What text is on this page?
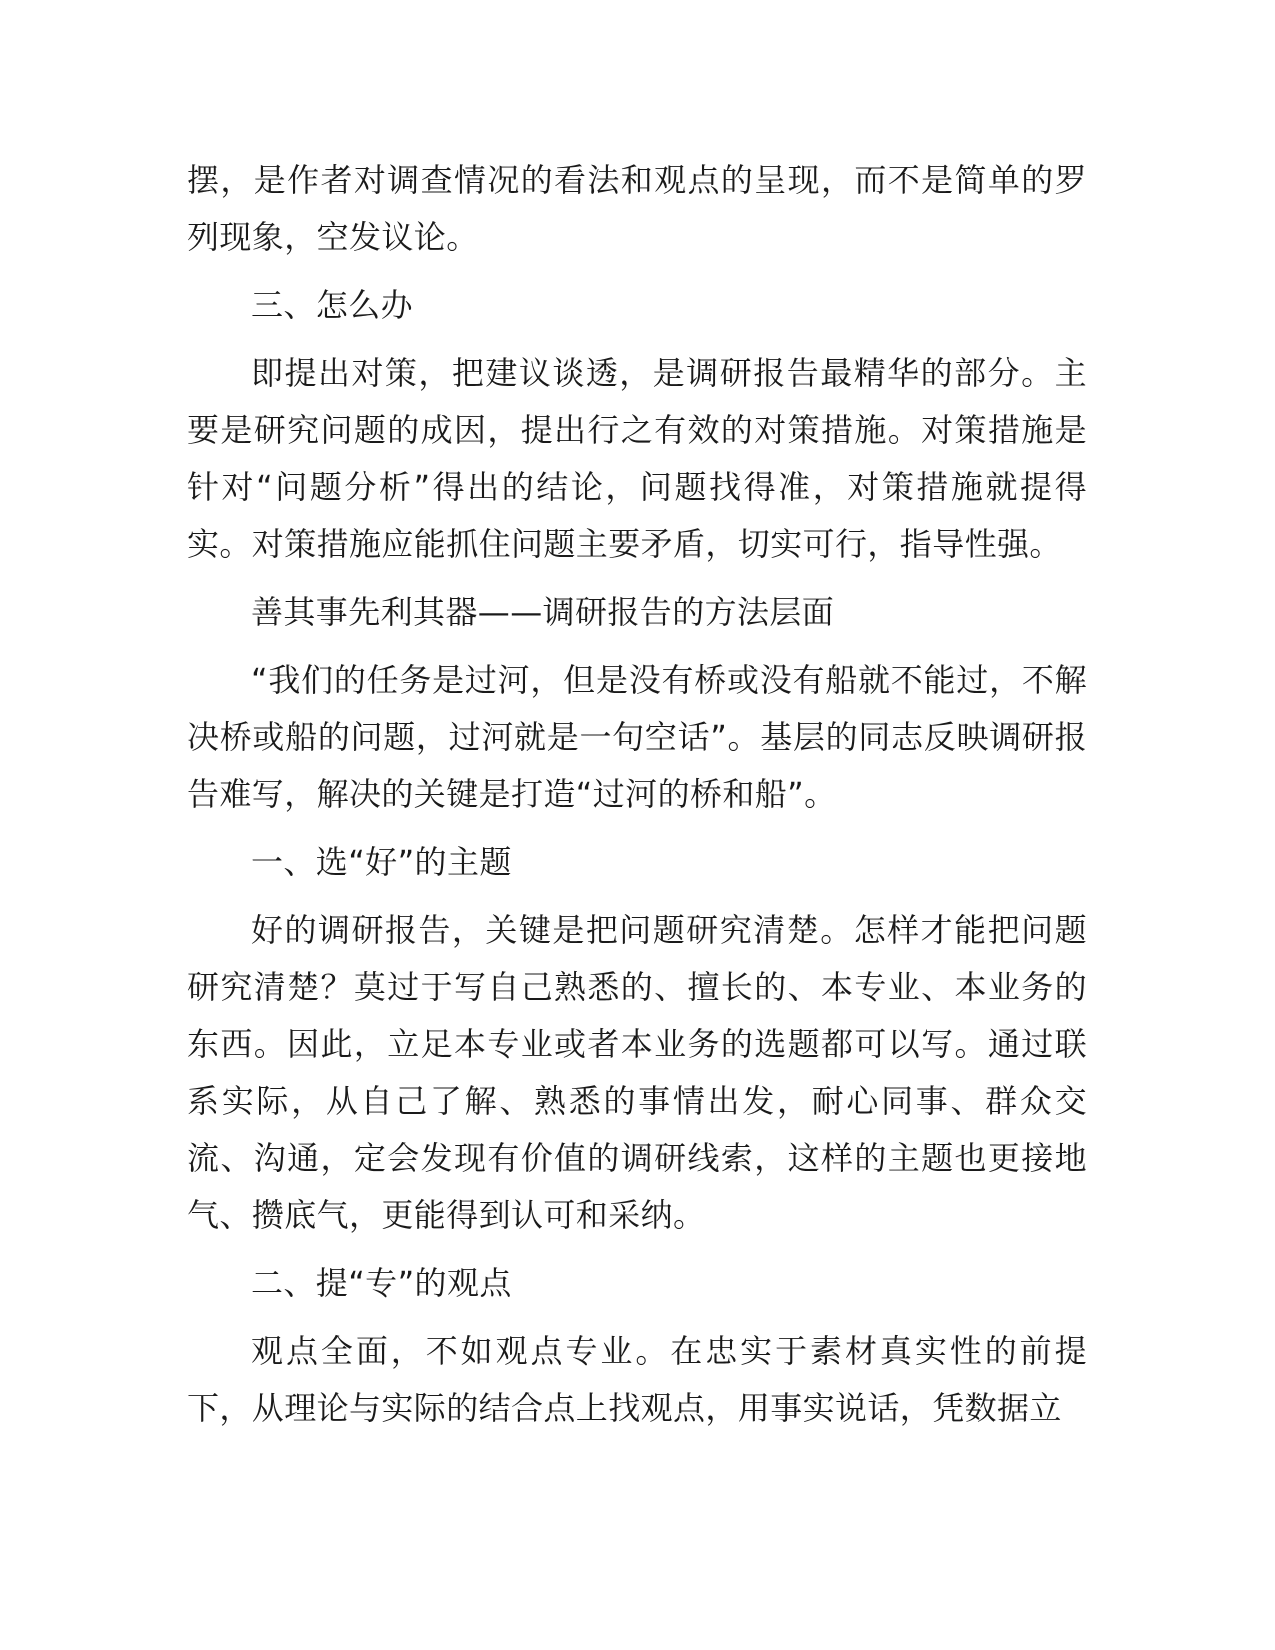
摆，是作者对调查情况的看法和观点的呈现，而不是简单的罗列现象，空发议论。

三、怎么办

即提出对策，把建议谈透，是调研报告最精华的部分。主要是研究问题的成因，提出行之有效的对策措施。对策措施是针对“问题分析”得出的结论，问题找得准，对策措施就提得实。对策措施应能抓住问题主要矛盾，切实可行，指导性强。

善其事先利其器——调研报告的方法层面

“我们的任务是过河，但是没有桥或没有船就不能过，不解决桥或船的问题，过河就是一句空话”。基层的同志反映调研报告难写，解决的关键是打造“过河的桥和船”。

一、选“好”的主题

好的调研报告，关键是把问题研究清楚。怎样才能把问题研究清楚？莫过于写自己熟悉的、擅长的、本专业、本业务的东西。因此，立足本专业或者本业务的选题都可以写。通过联系实际，从自己了解、熟悉的事情出发，耐心同事、群众交流、沟通，定会发现有价值的调研线索，这样的主题也更接地气、攒底气，更能得到认可和采纳。

二、提“专”的观点

观点全面，不如观点专业。在忠实于素材真实性的前提下，从理论与实际的结合点上找观点，用事实说话，凭数据立
